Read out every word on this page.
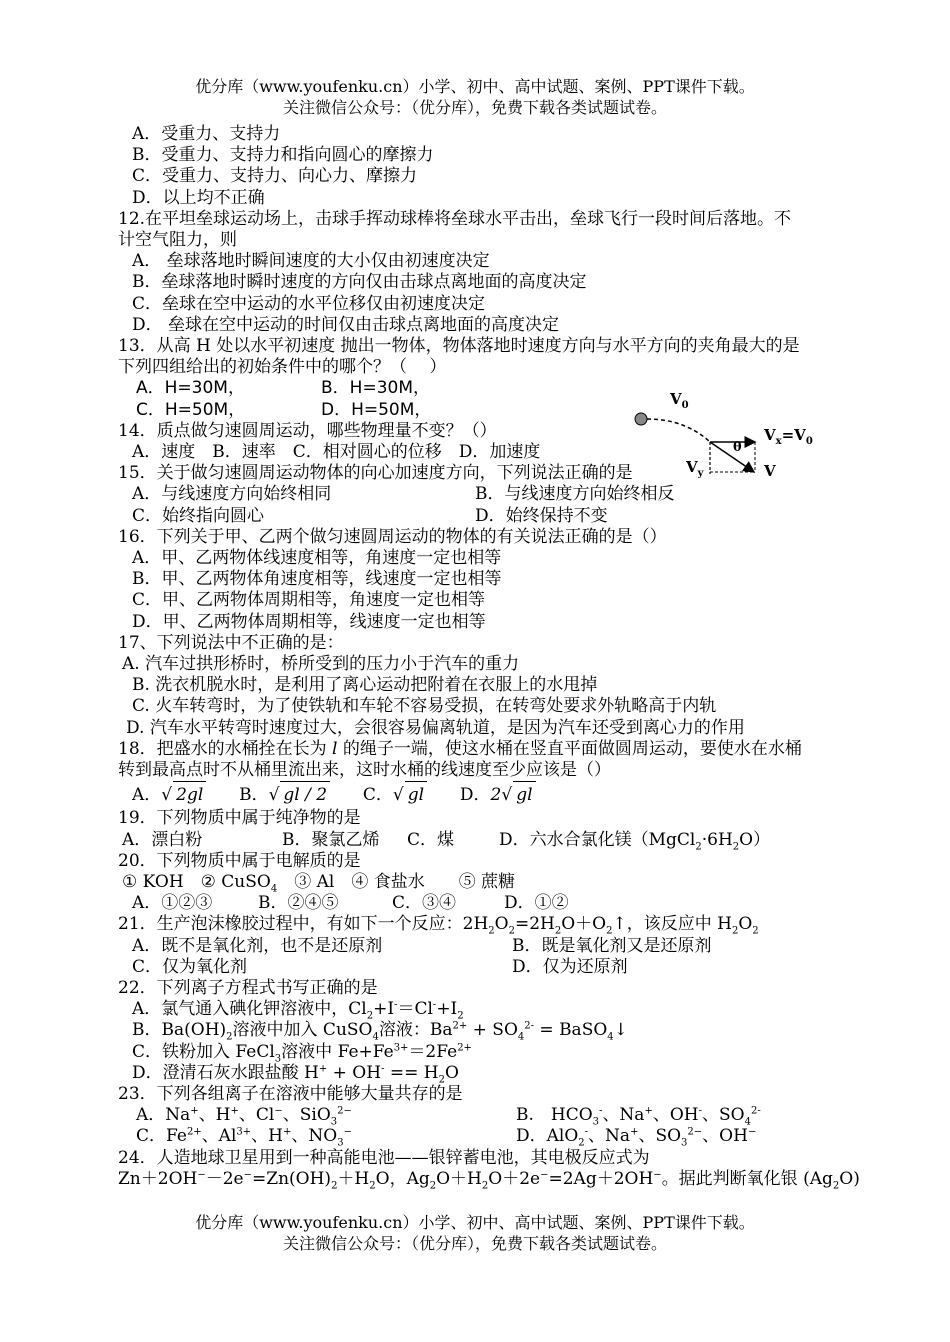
优分库（www.youfenku.cn）小学、初中、高中试题、案例、PPT课件下载。
关注微信公众号：（优分库），免费下载各类试题试卷。
A．受重力、支持力
B．受重力、支持力和指向圆心的摩擦力
C．受重力、支持力、向心力、摩擦力
D．以上均不正确
12.在平坦垒球运动场上，击球手挥动球棒将垒球水平击出，垒球飞行一段时间后落地。不
计空气阻力，则
A． 垒球落地时瞬间速度的大小仅由初速度决定
B．垒球落地时瞬时速度的方向仅由击球点离地面的高度决定
C．垒球在空中运动的水平位移仅由初速度决定
D． 垒球在空中运动的时间仅由击球点离地面的高度决定
13．从高 H 处以水平初速度 抛出一物体，物体落地时速度方向与水平方向的夹角最大的是
下列四组给出的初始条件中的哪个？（　 ）
A．H=30M，	B．H=30M，
C．H=50M，	D．H=50M，
14．质点做匀速圆周运动，哪些物理量不变？（）
A．速度　B．速率　C．相对圆心的位移　D．加速度
15．关于做匀速圆周运动物体的向心加速度方向，下列说法正确的是
A．与线速度方向始终相同	B．与线速度方向始终相反
C．始终指向圆心	D．始终保持不变
16．下列关于甲、乙两个做匀速圆周运动的物体的有关说法正确的是（）
A．甲、乙两物体线速度相等，角速度一定也相等
B．甲、乙两物体角速度相等，线速度一定也相等
C．甲、乙两物体周期相等，角速度一定也相等
D．甲、乙两物体周期相等，线速度一定也相等
17、下列说法中不正确的是：
A. 汽车过拱形桥时，桥所受到的压力小于汽车的重力
B. 洗衣机脱水时，是利用了离心运动把附着在衣服上的水甩掉
C. 火车转弯时，为了使铁轨和车轮不容易受损，在转弯处要求外轨略高于内轨
D. 汽车水平转弯时速度过大，会很容易偏离轨道，是因为汽车还受到离心力的作用
18．把盛水的水桶拴在长为 l 的绳子一端，使这水桶在竖直平面做圆周运动，要使水在水桶
转到最高点时不从桶里流出来，这时水桶的线速度至少应该是（）
A．√ 2gl B．√ gl / 2 C．√ gl D．2√ gl
19．下列物质中属于纯净物的是
A．漂白粉	B．聚氯乙烯 C．煤	D．六水合氯化镁$(MgCl_2\cdot 6H_2O)$
20．下列物质中属于电解质的是
① KOH　② CuSO$_4$　③ Al　④ 食盐水　　⑤ 蔗糖
A．①②③	B．②④⑤	C．③④	D．①②
21．生产泡沫橡胶过程中，有如下一个反应：$2H_2O_2=2H_2O+O_2↑$，该反应中 $H_2O_2$
A．既不是氧化剂，也不是还原剂	B．既是氧化剂又是还原剂
C．仅为氧化剂	D．仅为还原剂
22．下列离子方程式书写正确的是
A．氯气通入碘化钾溶液中，$Cl_2+I^-=Cl^-+I_2$
B．$Ba(OH)_2$溶液中加入 CuSO$_4$溶液：$Ba^{2+} + SO_4^{2-}$ = BaSO$_4$↓
C．铁粉加入 FeCl$_3$溶液中 $Fe+Fe^{3+}=2Fe^{2+}$
D．澄清石灰水跟盐酸 $H^+ + OH^- == H_2O$
23．下列各组离子在溶液中能够大量共存的是
A．Na+、H+、Cl−、SiO$_3^{2-}$	B.　$HCO_3^-$、Na+、OH-、$SO_4^{2-}$
C．$Fe^{2+}$、$Al^{3+}$、H+、$NO_3^-$	D．AlO$_2$-、Na+、$SO_3^{2-}$、OH−
24．人造地球卫星用到一种高能电池——银锌蓄电池，其电极反应式为
$Zn+2OH^--2e^-=Zn(OH)_2+H_2O$，$Ag_2O+H_2O+2e^-=2Ag+2OH^-$。据此判断氧化银 $(Ag_2O)$
$V_0$
$V_x=V_0$
θ
$V_y$	V
优分库（www.youfenku.cn）小学、初中、高中试题、案例、PPT课件下载。
关注微信公众号：（优分库），免费下载各类试题试卷。
